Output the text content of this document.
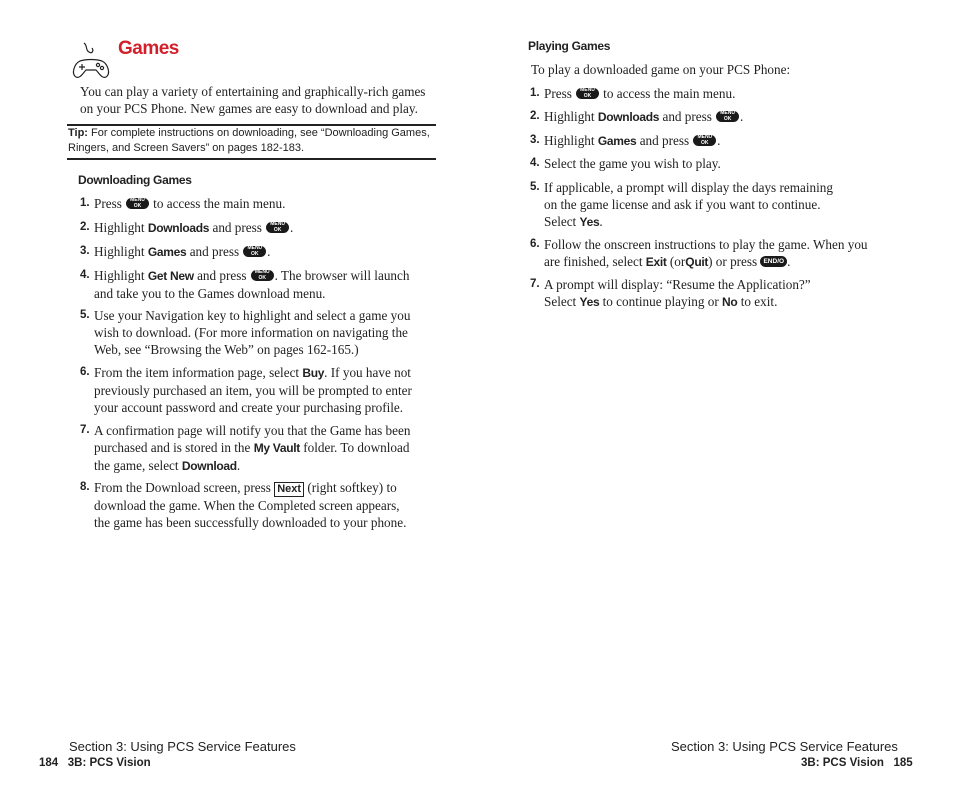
Games
You can play a variety of entertaining and graphically-rich games on your PCS Phone. New games are easy to download and play.
Tip: For complete instructions on downloading, see “Downloading Games, Ringers, and Screen Savers” on pages 182-183.
Downloading Games
1. Press MENU
OK to access the main menu.
2. Highlight Downloads and press MENU
OK .
3. Highlight Games and press MENU
OK .
4. Highlight Get New and press MENU
OK . The browser will launch
and take you to the Games download menu.
5. Use your Navigation key to highlight and select a game you
wish to download. (For more information on navigating the
Web, see “Browsing the Web” on pages 162-165.)
6. From the item information page, select Buy. If you have not
previously purchased an item, you will be prompted to enter
your account password and create your purchasing profile.
7. A confirmation page will notify you that the Game has been
purchased and is stored in the My Vault folder. To download
the game, select Download.
8. From the Download screen, press Next (right softkey) to
download the game. When the Completed screen appears,
the game has been successfully downloaded to your phone.
Section 3: Using PCS Service Features
184   3B: PCS Vision
Playing Games
To play a downloaded game on your PCS Phone:
1. Press MENU
OK to access the main menu.
2. Highlight Downloads and press MENU
OK .
3. Highlight Games and press MENU
OK .
4. Select the game you wish to play.
5. If applicable, a prompt will display the days remaining
on the game license and ask if you want to continue.
Select Yes.
6. Follow the onscreen instructions to play the game. When you
are finished, select Exit (orQuit) or press END/O .
7. A prompt will display: “Resume the Application?”
Select Yes to continue playing or No to exit.
Section 3: Using PCS Service Features
3B: PCS Vision   185
